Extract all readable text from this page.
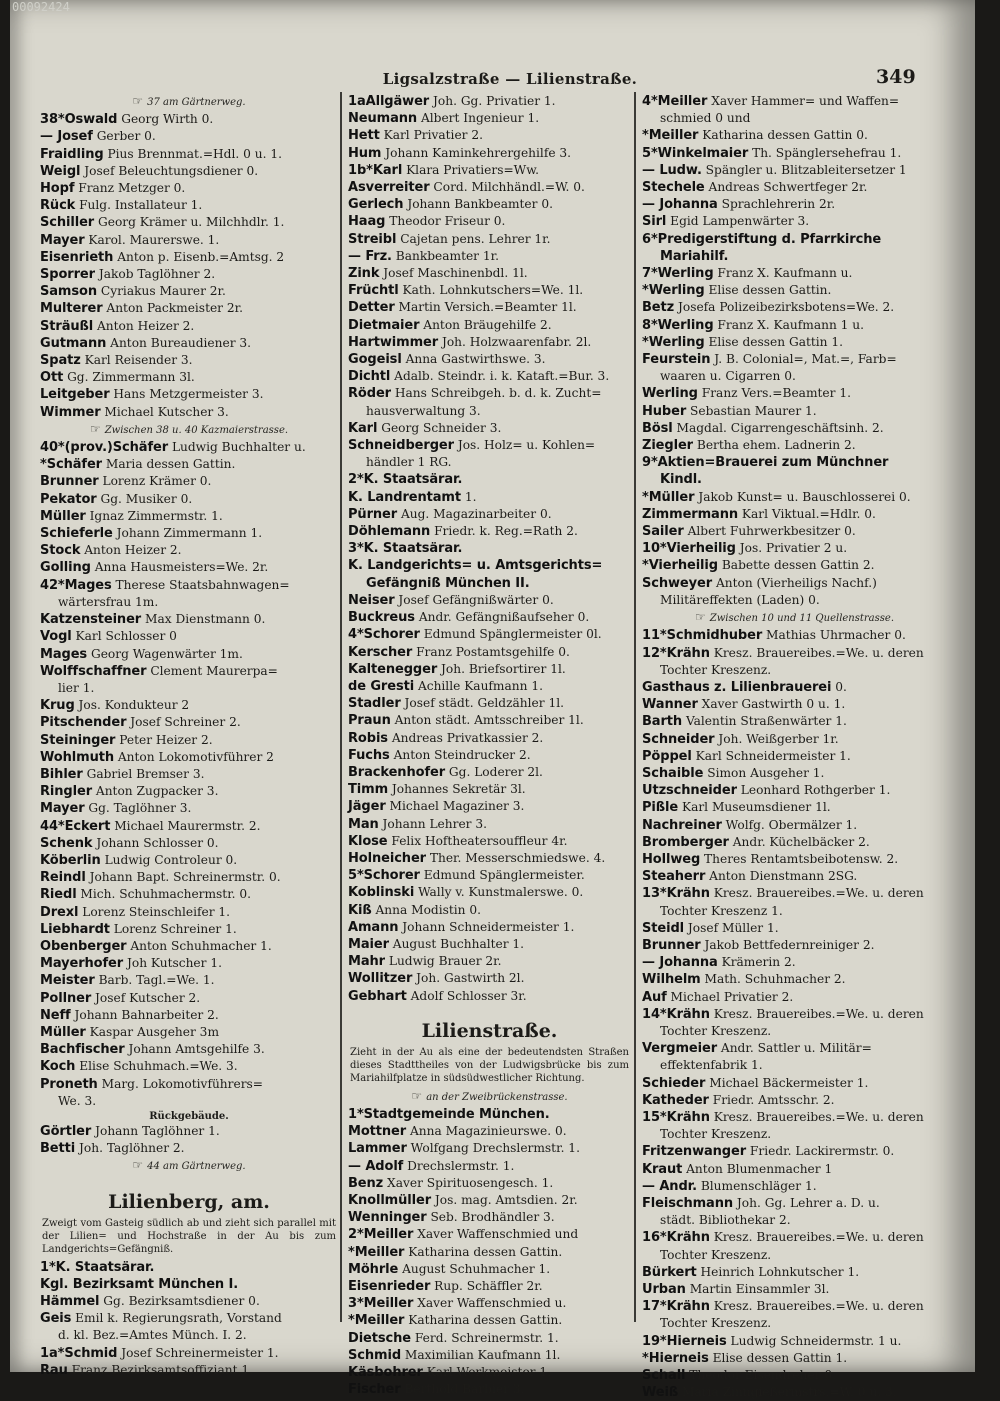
00092424
Ligsalzstraße — Lilienstraße.	349
☞ 37 am Gärtnerweg.
38*Oswald Georg Wirth 0.
— Josef Gerber 0.
Fraidling Pius Brennmat.=Hdl. 0 u. 1.
Weigl Josef Beleuchtungsdiener 0.
Hopf Franz Metzger 0.
Rück Fulg. Installateur 1.
Schiller Georg Krämer u. Milchhdlr. 1.
Mayer Karol. Maurerswe. 1.
Eisenrieth Anton p. Eisenb.=Amtsg. 2
Sporrer Jakob Taglöhner 2.
Samson Cyriakus Maurer 2r.
Multerer Anton Packmeister 2r.
Sträußl Anton Heizer 2.
Gutmann Anton Bureaudiener 3.
Spatz Karl Reisender 3.
Ott Gg. Zimmermann 3l.
Leitgeber Hans Metzgermeister 3.
Wimmer Michael Kutscher 3.
☞ Zwischen 38 u. 40 Kazmaierstrasse.
40*(prov.)Schäfer Ludwig Buchhalter u.
*Schäfer Maria dessen Gattin.
Brunner Lorenz Krämer 0.
Pekator Gg. Musiker 0.
Müller Ignaz Zimmermstr. 1.
Schieferle Johann Zimmermann 1.
Stock Anton Heizer 2.
Golling Anna Hausmeisters=We. 2r.
42*Mages Therese Staatsbahnwagen=
wärtersfrau 1m.
Katzensteiner Max Dienstmann 0.
Vogl Karl Schlosser 0
Mages Georg Wagenwärter 1m.
Wolffschaffner Clement Maurerpa=
lier 1.
Krug Jos. Kondukteur 2
Pitschender Josef Schreiner 2.
Steininger Peter Heizer 2.
Wohlmuth Anton Lokomotivführer 2
Bihler Gabriel Bremser 3.
Ringler Anton Zugpacker 3.
Mayer Gg. Taglöhner 3.
44*Eckert Michael Maurermstr. 2.
Schenk Johann Schlosser 0.
Köberlin Ludwig Controleur 0.
Reindl Johann Bapt. Schreinermstr. 0.
Riedl Mich. Schuhmachermstr. 0.
Drexl Lorenz Steinschleifer 1.
Liebhardt Lorenz Schreiner 1.
Obenberger Anton Schuhmacher 1.
Mayerhofer Joh Kutscher 1.
Meister Barb. Tagl.=We. 1.
Pollner Josef Kutscher 2.
Neff Johann Bahnarbeiter 2.
Müller Kaspar Ausgeher 3m
Bachfischer Johann Amtsgehilfe 3.
Koch Elise Schuhmach.=We. 3.
Proneth Marg. Lokomotivführers=
We. 3.
Rückgebäude.
Görtler Johann Taglöhner 1.
Betti Joh. Taglöhner 2.
☞ 44 am Gärtnerweg.
Lilienberg, am.
Zweigt vom Gasteig südlich ab und zieht sich parallel mit der Lilien= und Hochstraße in der Au bis zum Landgerichts=Gefängniß.
1*K. Staatsärar.
Kgl. Bezirksamt München I.
Hämmel Gg. Bezirksamtsdiener 0.
Geis Emil k. Regierungsrath, Vorstand
d. kl. Bez.=Amtes Münch. I. 2.
1a*Schmid Josef Schreinermeister 1.
Rau Franz Bezirksamtsoffiziant 1.
1aAllgäwer Joh. Gg. Privatier 1.
Neumann Albert Ingenieur 1.
Hett Karl Privatier 2.
Hum Johann Kaminkehrergehilfe 3.
1b*Karl Klara Privatiers=Ww.
Asverreiter Cord. Milchhändl.=W. 0.
Gerlech Johann Bankbeamter 0.
Haag Theodor Friseur 0.
Streibl Cajetan pens. Lehrer 1r.
— Frz. Bankbeamter 1r.
Zink Josef Maschinenbdl. 1l.
Früchtl Kath. Lohnkutschers=We. 1l.
Detter Martin Versich.=Beamter 1l.
Dietmaier Anton Bräugehilfe 2.
Hartwimmer Joh. Holzwaarenfabr. 2l.
Gogeisl Anna Gastwirthswe. 3.
Dichtl Adalb. Steindr. i. k. Kataft.=Bur. 3.
Röder Hans Schreibgeh. b. d. k. Zucht=
hausverwaltung 3.
Karl Georg Schneider 3.
Schneidberger Jos. Holz= u. Kohlen=
händler 1 RG.
2*K. Staatsärar.
K. Landrentamt 1.
Pürner Aug. Magazinarbeiter 0.
Döhlemann Friedr. k. Reg.=Rath 2.
3*K. Staatsärar.
K. Landgerichts= u. Amtsgerichts=
Gefängniß München II.
Neiser Josef Gefängnißwärter 0.
Buckreus Andr. Gefängnißaufseher 0.
4*Schorer Edmund Spänglermeister 0l.
Kerscher Franz Postamtsgehilfe 0.
Kaltenegger Joh. Briefsortirer 1l.
de Gresti Achille Kaufmann 1.
Stadler Josef städt. Geldzähler 1l.
Praun Anton städt. Amtsschreiber 1l.
Robis Andreas Privatkassier 2.
Fuchs Anton Steindrucker 2.
Brackenhofer Gg. Loderer 2l.
Timm Johannes Sekretär 3l.
Jäger Michael Magaziner 3.
Man Johann Lehrer 3.
Klose Felix Hoftheatersouffleur 4r.
Holneicher Ther. Messerschmiedswe. 4.
5*Schorer Edmund Spänglermeister.
Koblinski Wally v. Kunstmalerswe. 0.
Kiß Anna Modistin 0.
Amann Johann Schneidermeister 1.
Maier August Buchhalter 1.
Mahr Ludwig Brauer 2r.
Wollitzer Joh. Gastwirth 2l.
Gebhart Adolf Schlosser 3r.
Lilienstraße.
Zieht in der Au als eine der bedeutendsten Straßen dieses Stadttheiles von der Ludwigsbrücke bis zum Mariahilfplatze in südsüdwestlicher Richtung.
☞ an der Zweibrückenstrasse.
1*Stadtgemeinde München.
Mottner Anna Magazinieurswe. 0.
Lammer Wolfgang Drechslermstr. 1.
— Adolf Drechslermstr. 1.
Benz Xaver Spirituosengesch. 1.
Knollmüller Jos. mag. Amtsdien. 2r.
Wenninger Seb. Brodhändler 3.
2*Meiller Xaver Waffenschmied und
*Meiller Katharina dessen Gattin.
Möhrle August Schuhmacher 1.
Eisenrieder Rup. Schäffler 2r.
3*Meiller Xaver Waffenschmied u.
*Meiller Katharina dessen Gattin.
Dietsche Ferd. Schreinermstr. 1.
Schmid Maximilian Kaufmann 1l.
Käsbohrer Karl Werkmeister 1.
Fischer Berthold Barbier 3.
4*Meiller Xaver Hammer= und Waffen=
schmied 0 und
*Meiller Katharina dessen Gattin 0.
5*Winkelmaier Th. Spänglersehefrau 1.
— Ludw. Spängler u. Blitzableitersetzer 1
Stechele Andreas Schwertfeger 2r.
— Johanna Sprachlehrerin 2r.
Sirl Egid Lampenwärter 3.
6*Predigerstiftung d. Pfarrkirche
Mariahilf.
7*Werling Franz X. Kaufmann u.
*Werling Elise dessen Gattin.
Betz Josefa Polizeibezirksbotens=We. 2.
8*Werling Franz X. Kaufmann 1 u.
*Werling Elise dessen Gattin 1.
Feurstein J. B. Colonial=, Mat.=, Farb=
waaren u. Cigarren 0.
Werling Franz Vers.=Beamter 1.
Huber Sebastian Maurer 1.
Bösl Magdal. Cigarrengeschäftsinh. 2.
Ziegler Bertha ehem. Ladnerin 2.
9*Aktien=Brauerei zum Münchner
Kindl.
*Müller Jakob Kunst= u. Bauschlosserei 0.
Zimmermann Karl Viktual.=Hdlr. 0.
Sailer Albert Fuhrwerkbesitzer 0.
10*Vierheilig Jos. Privatier 2 u.
*Vierheilig Babette dessen Gattin 2.
Schweyer Anton (Vierheiligs Nachf.)
Militäreffekten (Laden) 0.
☞ Zwischen 10 und 11 Quellenstrasse.
11*Schmidhuber Mathias Uhrmacher 0.
12*Krähn Kresz. Brauereibes.=We. u. deren
Tochter Kreszenz.
Gasthaus z. Lilienbrauerei 0.
Wanner Xaver Gastwirth 0 u. 1.
Barth Valentin Straßenwärter 1.
Schneider Joh. Weißgerber 1r.
Pöppel Karl Schneidermeister 1.
Schaible Simon Ausgeher 1.
Utzschneider Leonhard Rothgerber 1.
Pißle Karl Museumsdiener 1l.
Nachreiner Wolfg. Obermälzer 1.
Bromberger Andr. Küchelbäcker 2.
Hollweg Theres Rentamtsbeibotensw. 2.
Steaherr Anton Dienstmann 2SG.
13*Krähn Kresz. Brauereibes.=We. u. deren
Tochter Kreszenz 1.
Steidl Josef Müller 1.
Brunner Jakob Bettfedernreiniger 2.
— Johanna Krämerin 2.
Wilhelm Math. Schuhmacher 2.
Auf Michael Privatier 2.
14*Krähn Kresz. Brauereibes.=We. u. deren
Tochter Kreszenz.
Vergmeier Andr. Sattler u. Militär=
effektenfabrik 1.
Schieder Michael Bäckermeister 1.
Katheder Friedr. Amtsschr. 2.
15*Krähn Kresz. Brauereibes.=We. u. deren
Tochter Kreszenz.
Fritzenwanger Friedr. Lackirermstr. 0.
Kraut Anton Blumenmacher 1
— Andr. Blumenschläger 1.
Fleischmann Joh. Gg. Lehrer a. D. u.
städt. Bibliothekar 2.
16*Krähn Kresz. Brauereibes.=We. u. deren
Tochter Kreszenz.
Bürkert Heinrich Lohnkutscher 1.
Urban Martin Einsammler 3l.
17*Krähn Kresz. Brauereibes.=We. u. deren
Tochter Kreszenz.
19*Hierneis Ludwig Schneidermstr. 1 u.
*Hierneis Elise dessen Gattin 1.
Schall Theodor Eisendreher 0.
Weiß Maria Zinngießermstrs.=W. 0 u. 3.
